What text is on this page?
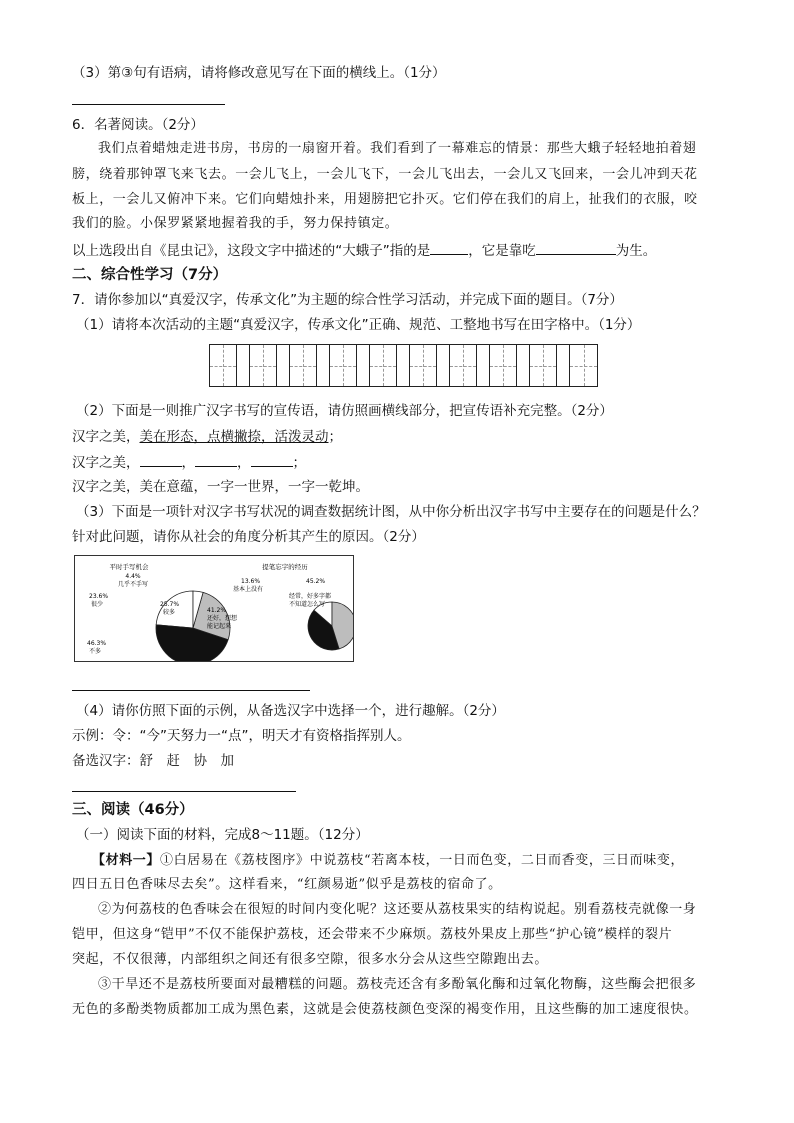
（3）第③句有语病，请将修改意见写在下面的横线上。（1分）
6．名著阅读。（2分）
我们点着蜡烛走进书房，书房的一扇窗开着。我们看到了一幕难忘的情景：那些大蛾子轻轻地拍着翅
膀，绕着那钟罩飞来飞去。一会儿飞上，一会儿飞下，一会儿飞出去，一会儿又飞回来，一会儿冲到天花
板上，一会儿又俯冲下来。它们向蜡烛扑来，用翅膀把它扑灭。它们停在我们的肩上，扯我们的衣服，咬
我们的脸。小保罗紧紧地握着我的手，努力保持镇定。
以上选段出自《昆虫记》，这段文字中描述的“大蛾子”指的是	，它是靠吃	为生。
二、综合性学习（7分）
7．请你参加以“真爱汉字，传承文化”为主题的综合性学习活动，并完成下面的题目。（7分）
（1）请将本次活动的主题“真爱汉字，传承文化”正确、规范、工整地书写在田字格中。（1分）
（2）下面是一则推广汉字书写的宣传语，请仿照画横线部分，把宣传语补充完整。（2分）
汉字之美，美在形态，点横撇捺，活泼灵动；
汉字之美，	，	，	；
汉字之美，美在意蕴，一字一世界，一字一乾坤。
（3）下面是一项针对汉字书写状况的调查数据统计图，从中你分析出汉字书写中主要存在的问题是什么？
针对此问题，请你从社会的角度分析其产生的原因。（2分）
平时手写机会
4.4%
几乎不手写
25.7%
较多
23.6%
很少
46.3%
不多
提笔忘字的经历
13.6%
基本上没有
45.2%
经常，好多字都
不知道怎么写
41.2%
还好，想想
能记起来
（4）请你仿照下面的示例，从备选汉字中选择一个，进行趣解。（2分）
示例：令：“今”天努力一“点”，明天才有资格指挥别人。
备选汉字：舒　赶　协　加
三、阅读（46分）
（一）阅读下面的材料，完成8～11题。（12分）
【材料一】①白居易在《荔枝图序》中说荔枝“若离本枝，一日而色变，二日而香变，三日而味变，
四日五日色香味尽去矣”。这样看来，“红颜易逝”似乎是荔枝的宿命了。
②为何荔枝的色香味会在很短的时间内变化呢？这还要从荔枝果实的结构说起。别看荔枝壳就像一身
铠甲，但这身“铠甲”不仅不能保护荔枝，还会带来不少麻烦。荔枝外果皮上那些“护心镜”模样的裂片
突起，不仅很薄，内部组织之间还有很多空隙，很多水分会从这些空隙跑出去。
③干旱还不是荔枝所要面对最糟糕的问题。荔枝壳还含有多酚氧化酶和过氧化物酶，这些酶会把很多
无色的多酚类物质都加工成为黑色素，这就是会使荔枝颜色变深的褐变作用，且这些酶的加工速度很快。
